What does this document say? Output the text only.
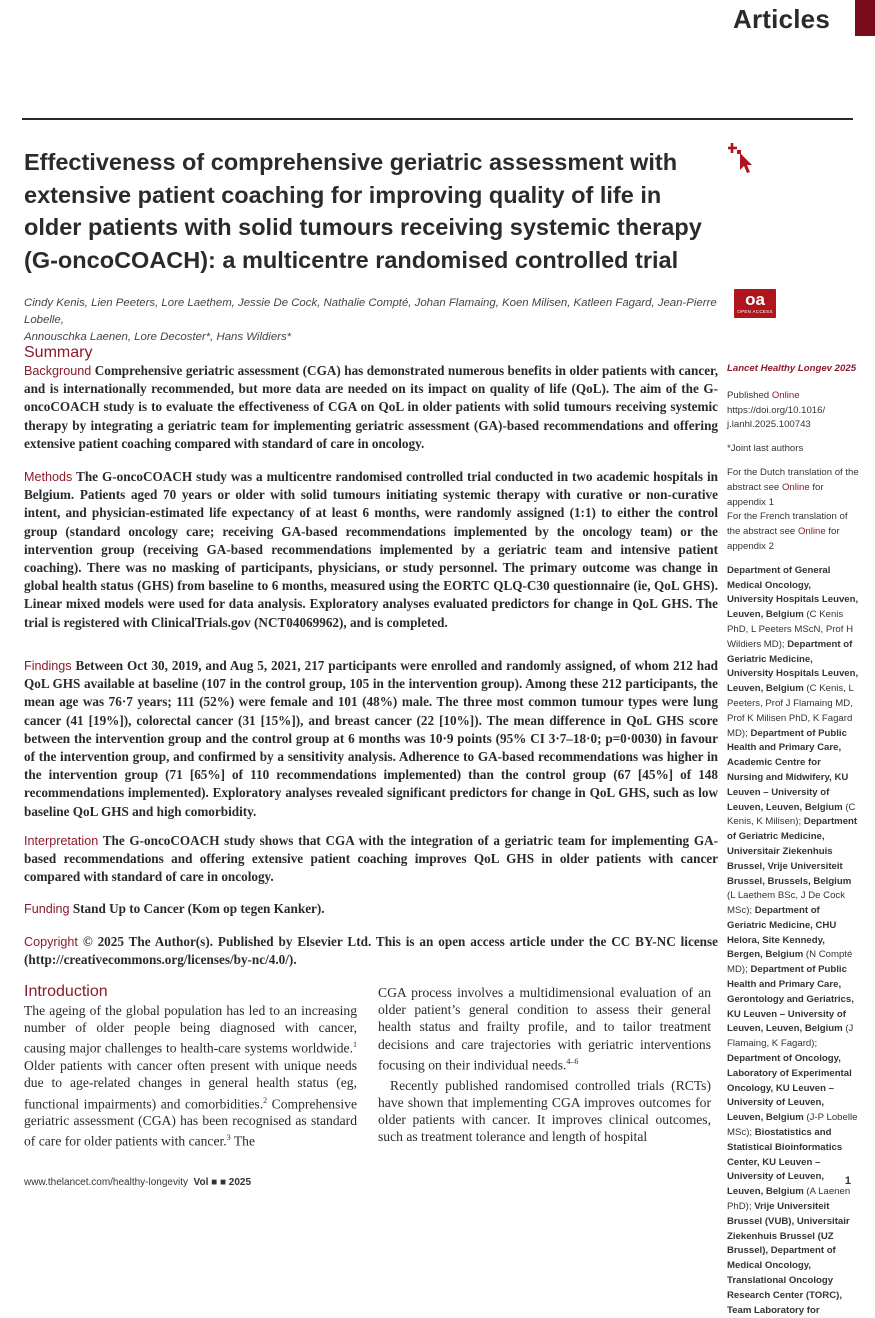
Articles
Effectiveness of comprehensive geriatric assessment with extensive patient coaching for improving quality of life in older patients with solid tumours receiving systemic therapy (G-oncoCOACH): a multicentre randomised controlled trial
Cindy Kenis, Lien Peeters, Lore Laethem, Jessie De Cock, Nathalie Compté, Johan Flamaing, Koen Milisen, Katleen Fagard, Jean-Pierre Lobelle,
Annouschka Laenen, Lore Decoster*, Hans Wildiers*
oa
OPEN ACCESS
Summary

Background Comprehensive geriatric assessment (CGA) has demonstrated numerous benefits in older patients with cancer, and is internationally recommended, but more data are needed on its impact on quality of life (QoL). The aim of the G-oncoCOACH study is to evaluate the effectiveness of CGA on QoL in older patients with solid tumours receiving systemic therapy by integrating a geriatric team for implementing geriatric assessment (GA)-based recommendations and offering extensive patient coaching compared with standard of care in oncology.

Methods The G-oncoCOACH study was a multicentre randomised controlled trial conducted in two academic hospitals in Belgium. Patients aged 70 years or older with solid tumours initiating systemic therapy with curative or non-curative intent, and physician-estimated life expectancy of at least 6 months, were randomly assigned (1:1) to either the control group (standard oncology care; receiving GA-based recommendations implemented by the oncology team) or the intervention group (receiving GA-based recommendations implemented by a geriatric team and intensive patient coaching). There was no masking of participants, physicians, or study personnel. The primary outcome was change in global health status (GHS) from baseline to 6 months, measured using the EORTC QLQ-C30 questionnaire (ie, QoL GHS). Linear mixed models were used for data analysis. Exploratory analyses evaluated predictors for change in QoL GHS. The trial is registered with ClinicalTrials.gov (NCT04069962), and is completed.

Findings Between Oct 30, 2019, and Aug 5, 2021, 217 participants were enrolled and randomly assigned, of whom 212 had QoL GHS available at baseline (107 in the control group, 105 in the intervention group). Among these 212 participants, the mean age was 76·7 years; 111 (52%) were female and 101 (48%) male. The three most common tumour types were lung cancer (41 [19%]), colorectal cancer (31 [15%]), and breast cancer (22 [10%]). The mean difference in QoL GHS score between the intervention group and the control group at 6 months was 10·9 points (95% CI 3·7–18·0; p=0·0030) in favour of the intervention group, and confirmed by a sensitivity analysis. Adherence to GA-based recommendations was higher in the intervention group (71 [65%] of 110 recommendations implemented) than the control group (67 [45%] of 148 recommendations implemented). Exploratory analyses revealed significant predictors for change in QoL GHS, such as low baseline QoL GHS and high comorbidity.

Interpretation The G-oncoCOACH study shows that CGA with the integration of a geriatric team for implementing GA-based recommendations and offering extensive patient coaching improves QoL GHS in older patients with cancer compared with standard of care in oncology.

Funding Stand Up to Cancer (Kom op tegen Kanker).

Copyright © 2025 The Author(s). Published by Elsevier Ltd. This is an open access article under the CC BY-NC license (http://creativecommons.org/licenses/by-nc/4.0/).

Introduction

The ageing of the global population has led to an increasing number of older people being diagnosed with cancer, causing major challenges to health-care systems worldwide.$^1$ Older patients with cancer often present with unique needs due to age-related changes in general health status (eg, functional impairments) and comorbidities.$^2$ Comprehensive geriatric assessment (CGA) has been recognised as standard of care for older patients with cancer.$^3$ The

CGA process involves a multidimensional evaluation of an older patient’s general condition to assess their general health status and frailty profile, and to tailor treatment decisions and care trajectories with geriatric interventions focusing on their individual needs.$^{4-6}$

Recently published randomised controlled trials (RCTs) have shown that implementing CGA improves outcomes for older patients with cancer. It improves clinical outcomes, such as treatment tolerance and length of hospital

Lancet Healthy Longev 2025
Published Online
https://doi.org/10.1016/
j.lanhl.2025.100743
*Joint last authors
For the Dutch translation of the abstract see Online for appendix 1
For the French translation of the abstract see Online for appendix 2
Department of General Medical Oncology, University Hospitals Leuven, Leuven, Belgium (C Kenis PhD, L Peeters MScN, Prof H Wildiers MD); Department of Geriatric Medicine, University Hospitals Leuven, Leuven, Belgium (C Kenis, L Peeters, Prof J Flamaing MD, Prof K Milisen PhD, K Fagard MD); Department of Public Health and Primary Care, Academic Centre for Nursing and Midwifery, KU Leuven – University of Leuven, Leuven, Belgium (C Kenis, K Milisen); Department of Geriatric Medicine, Universitair Ziekenhuis Brussel, Vrije Universiteit Brussel, Brussels, Belgium (L Laethem BSc, J De Cock MSc); Department of Geriatric Medicine, CHU Helora, Site Kennedy, Bergen, Belgium (N Compté MD); Department of Public Health and Primary Care, Gerontology and Geriatrics, KU Leuven – University of Leuven, Leuven, Belgium (J Flamaing, K Fagard); Department of Oncology, Laboratory of Experimental Oncology, KU Leuven – University of Leuven, Leuven, Belgium (J-P Lobelle MSc); Biostatistics and Statistical Bioinformatics Center, KU Leuven – University of Leuven, Leuven, Belgium (A Laenen PhD); Vrije Universiteit Brussel (VUB), Universitair Ziekenhuis Brussel (UZ Brussel), Department of Medical Oncology, Translational Oncology Research Center (TORC), Team Laboratory for
www.thelancet.com/healthy-longevity Vol ■ ■ 2025	1
